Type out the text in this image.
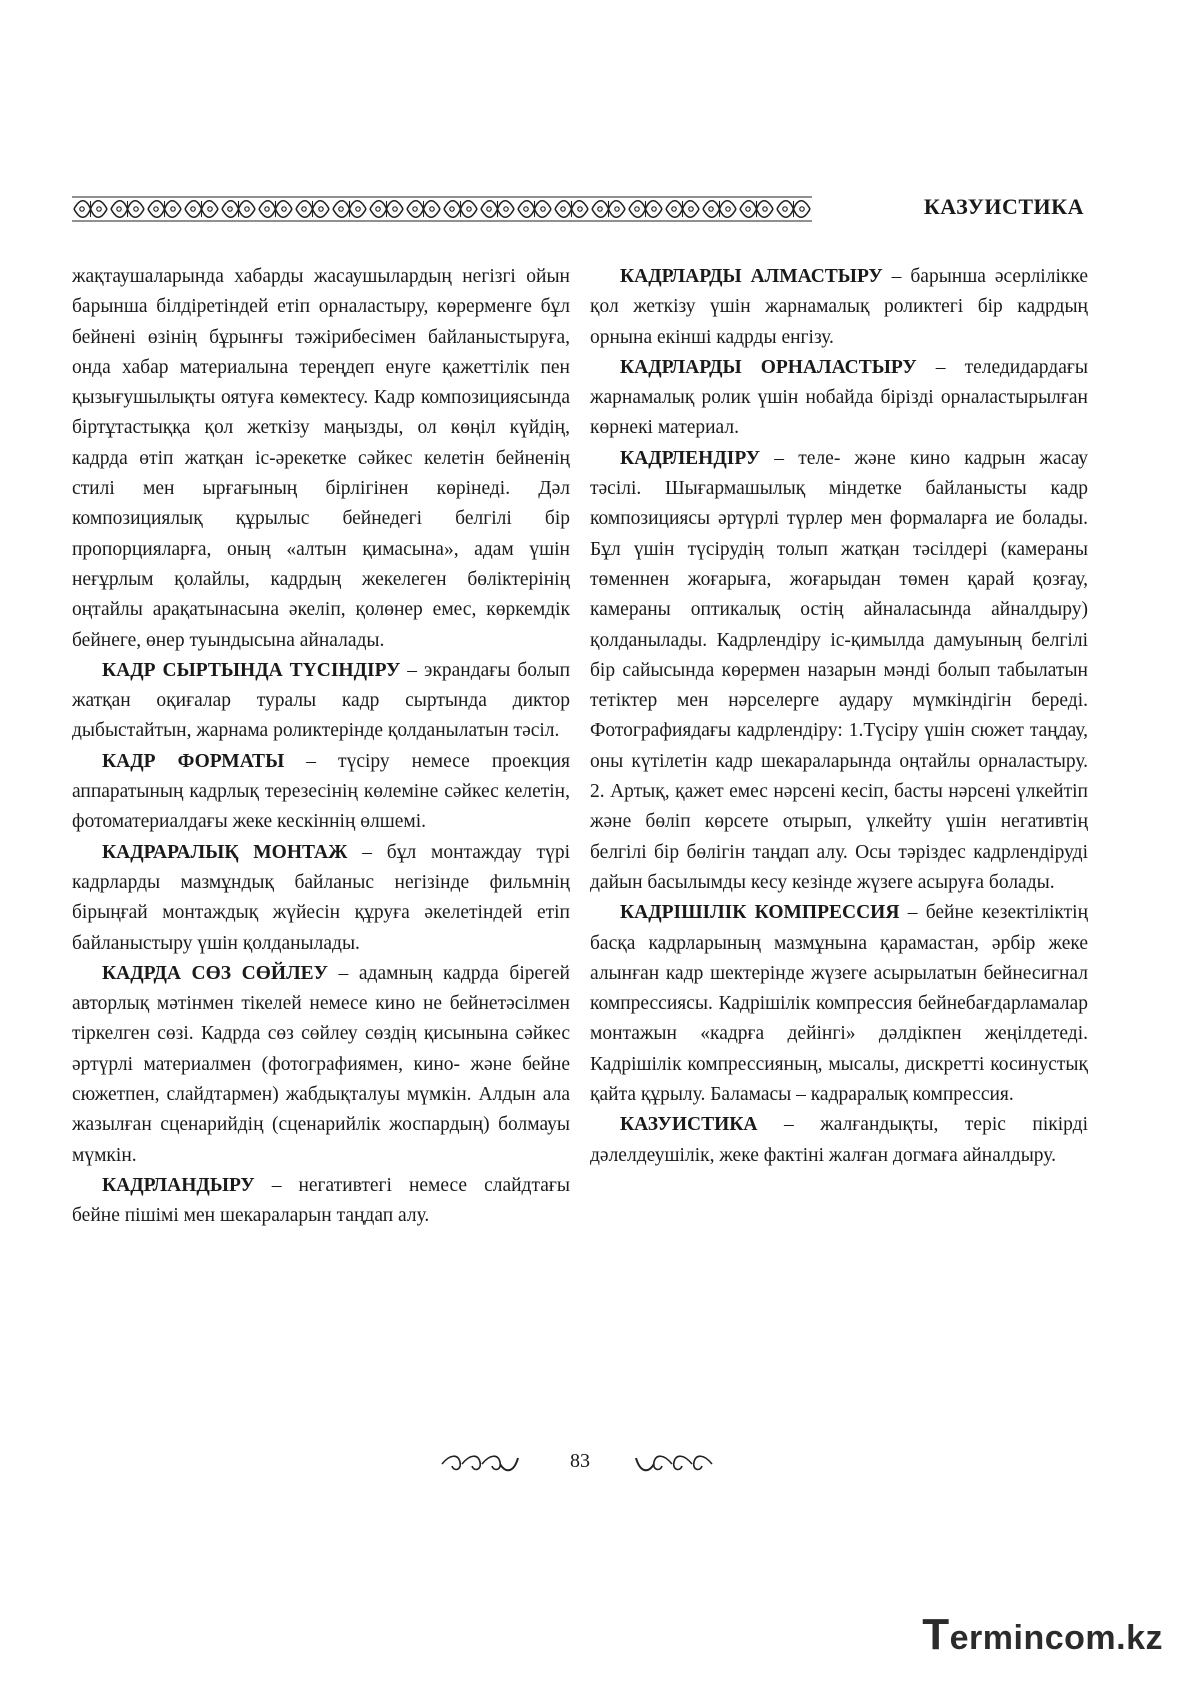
КАЗУИСТИКА

жақтаушаларында хабарды жасаушылардың негізгі ойын барынша білдіретіндей етіп орналастыру, көрерменге бұл бейнені өзінің бұрынғы тәжірибесімен байланыстыруға, онда хабар материалына тереңдеп енуге қажеттілік пен қызығушылықты оятуға көмектесу. Кадр композициясында біртұтастыққа қол жеткізу маңызды, ол көңіл күйдің, кадрда өтіп жатқан іс-әрекетке сәйкес келетін бейненің стилі мен ырғағының бірлігінен көрінеді. Дәл композициялық құрылыс бейнедегі белгілі бір пропорцияларға, оның «алтын қимасына», адам үшін неғұрлым қолайлы, кадрдың жекелеген бөліктерінің оңтайлы арақатынасына әкеліп, қолөнер емес, көркемдік бейнеге, өнер туындысына айналады.

КАДР СЫРТЫНДА ТҮСІНДІРУ – экрандағы болып жатқан оқиғалар туралы кадр сыртында диктор дыбыстайтын, жарнама роликтерінде қолданылатын тәсіл.

КАДР ФОРМАТЫ – түсіру немесе проекция аппаратының кадрлық терезесінің көлеміне сәйкес келетін, фотоматериалдағы жеке кескіннің өлшемі.

КАДРАРАЛЫҚ МОНТАЖ – бұл монтаждау түрі кадрларды мазмұндық байланыс негізінде фильмнің бірыңғай монтаждық жүйесін құруға әкелетіндей етіп байланыстыру үшін қолданылады.

КАДРДА СӨЗ СӨЙЛЕУ – адамның кадрда бірегей авторлық мәтінмен тікелей немесе кино не бейнетәсілмен тіркелген сөзі. Кадрда сөз сөйлеу сөздің қисынына сәйкес әртүрлі материалмен (фотографиямен, кино- және бейне сюжетпен, слайдтармен) жабдықталуы мүмкін. Алдын ала жазылған сценарийдің (сценарийлік жоспардың) болмауы мүмкін.

КАДРЛАНДЫРУ – негативтегі немесе слайдтағы бейне пішімі мен шекараларын таңдап алу.

КАДРЛАРДЫ АЛМАСТЫРУ – барынша әсерлілікке қол жеткізу үшін жарнамалық роликтегі бір кадрдың орнына екінші кадрды енгізу.

КАДРЛАРДЫ ОРНАЛАСТЫРУ – теледидардағы жарнамалық ролик үшін нобайда бірізді орналастырылған көрнекі материал.

КАДРЛЕНДІРУ – теле- және кино кадрын жасау тәсілі. Шығармашылық міндетке байланысты кадр композициясы әртүрлі түрлер мен формаларға ие болады. Бұл үшін түсірудің толып жатқан тәсілдері (камераны төменнен жоғарыға, жоғарыдан төмен қарай қозғау, камераны оптикалық остің айналасында айналдыру) қолданылады. Кадрлендіру іс-қимылда дамуының белгілі бір сайысында көрермен назарын мәнді болып табылатын тетіктер мен нәрселерге аудару мүмкіндігін береді. Фотографиядағы кадрлендіру: 1.Түсіру үшін сюжет таңдау, оны күтілетін кадр шекараларында оңтайлы орналастыру. 2. Артық, қажет емес нәрсені кесіп, басты нәрсені үлкейтіп және бөліп көрсете отырып, үлкейту үшін негативтің белгілі бір бөлігін таңдап алу. Осы тәріздес кадрлендіруді дайын басылымды кесу кезінде жүзеге асыруға болады.

КАДРІШІЛІК КОМПРЕССИЯ – бейне кезектіліктің басқа кадрларының мазмұнына қарамастан, әрбір жеке алынған кадр шектерінде жүзеге асырылатын бейнесигнал компрессиясы. Кадрішілік компрессия бейнебағдарламалар монтажын «кадрға дейінгі» дәлдікпен жеңілдетеді. Кадрішілік компрессияның, мысалы, дискретті косинустық қайта құрылу. Баламасы – кадраралық компрессия.

КАЗУИСТИКА – жалғандықты, теріс пікірді дәлелдеушілік, жеке фактіні жалған догмаға айналдыру.

83
Termincom.kz
